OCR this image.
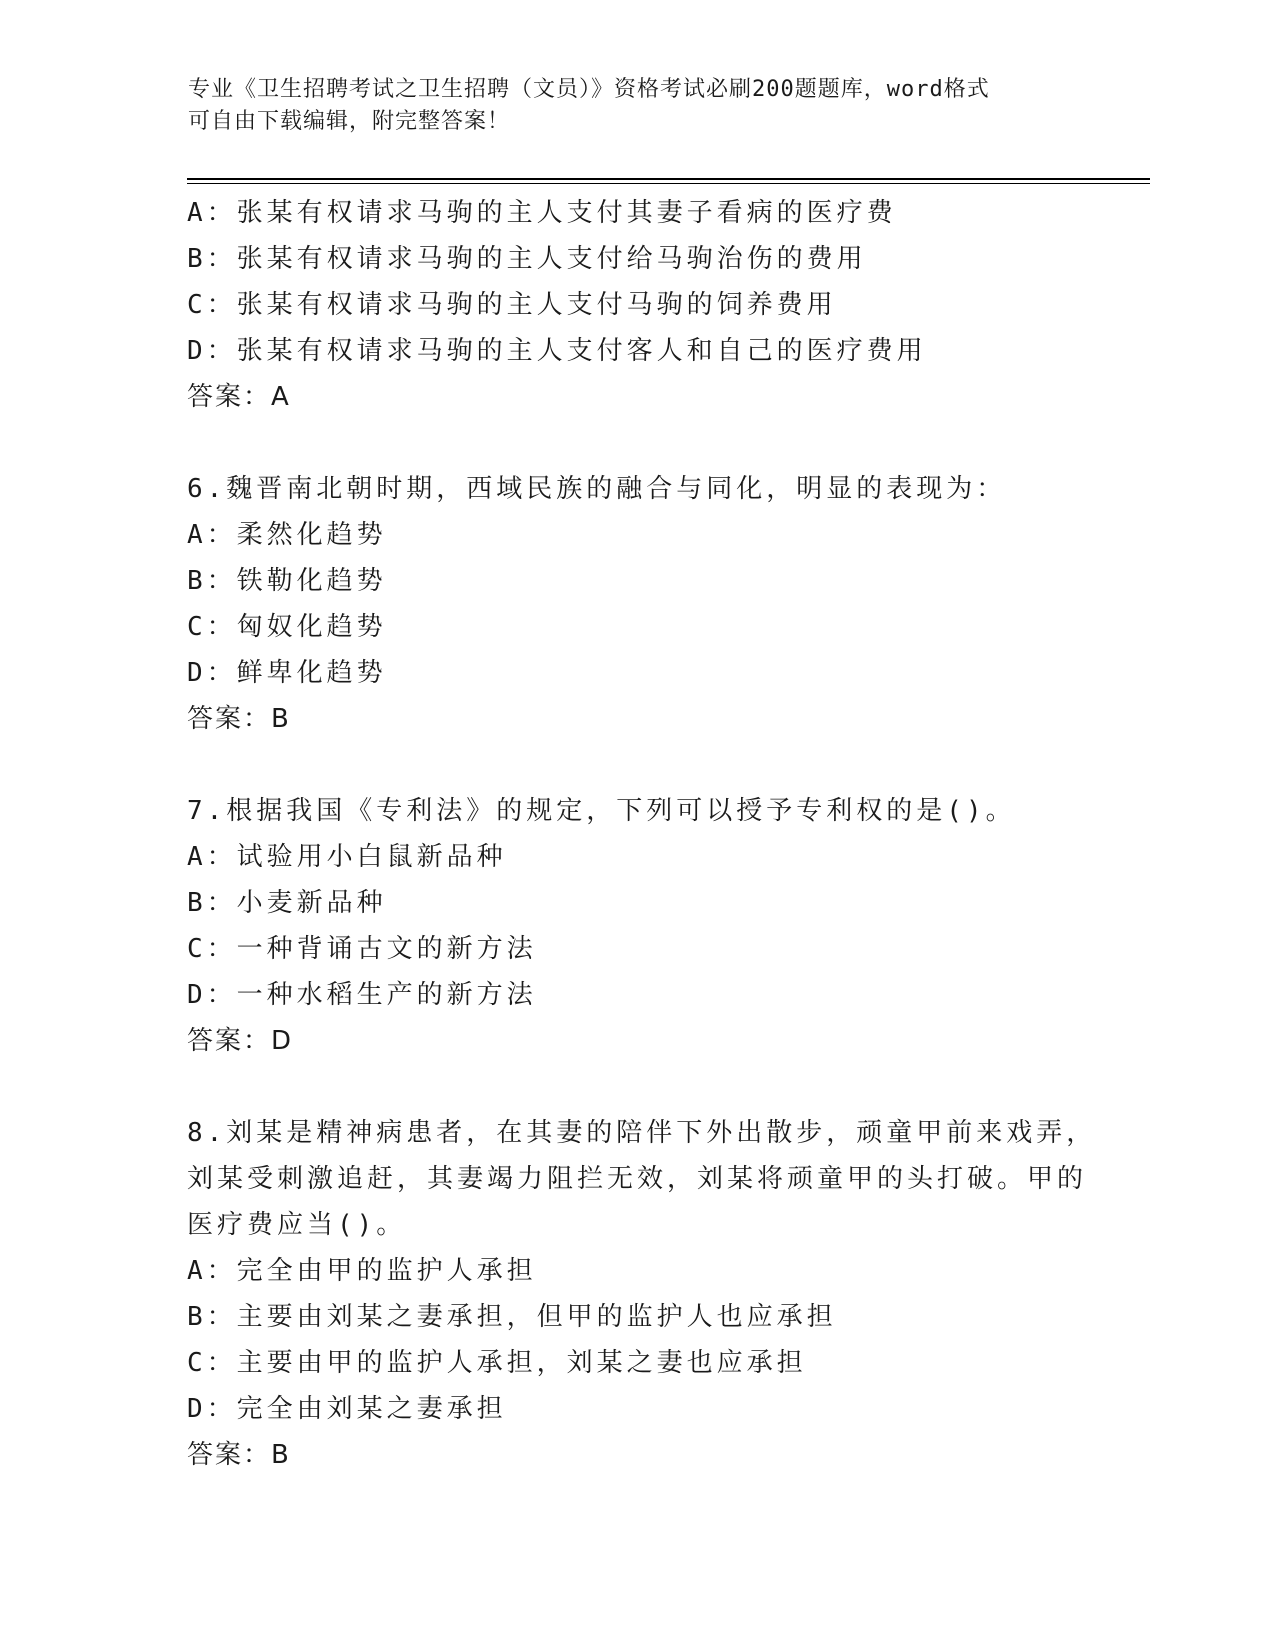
专业《卫生招聘考试之卫生招聘（文员）》资格考试必刷200题题库，word格式
可自由下载编辑，附完整答案！
A：张某有权请求马驹的主人支付其妻子看病的医疗费
B：张某有权请求马驹的主人支付给马驹治伤的费用
C：张某有权请求马驹的主人支付马驹的饲养费用
D：张某有权请求马驹的主人支付客人和自己的医疗费用
答案：A
6.魏晋南北朝时期，西域民族的融合与同化，明显的表现为：
A：柔然化趋势
B：铁勒化趋势
C：匈奴化趋势
D：鲜卑化趋势
答案：B
7.根据我国《专利法》的规定，下列可以授予专利权的是()。
A：试验用小白鼠新品种
B：小麦新品种
C：一种背诵古文的新方法
D：一种水稻生产的新方法
答案：D
8.刘某是精神病患者，在其妻的陪伴下外出散步，顽童甲前来戏弄，
刘某受刺激追赶，其妻竭力阻拦无效，刘某将顽童甲的头打破。甲的
医疗费应当()。
A：完全由甲的监护人承担
B：主要由刘某之妻承担，但甲的监护人也应承担
C：主要由甲的监护人承担，刘某之妻也应承担
D：完全由刘某之妻承担
答案：B
